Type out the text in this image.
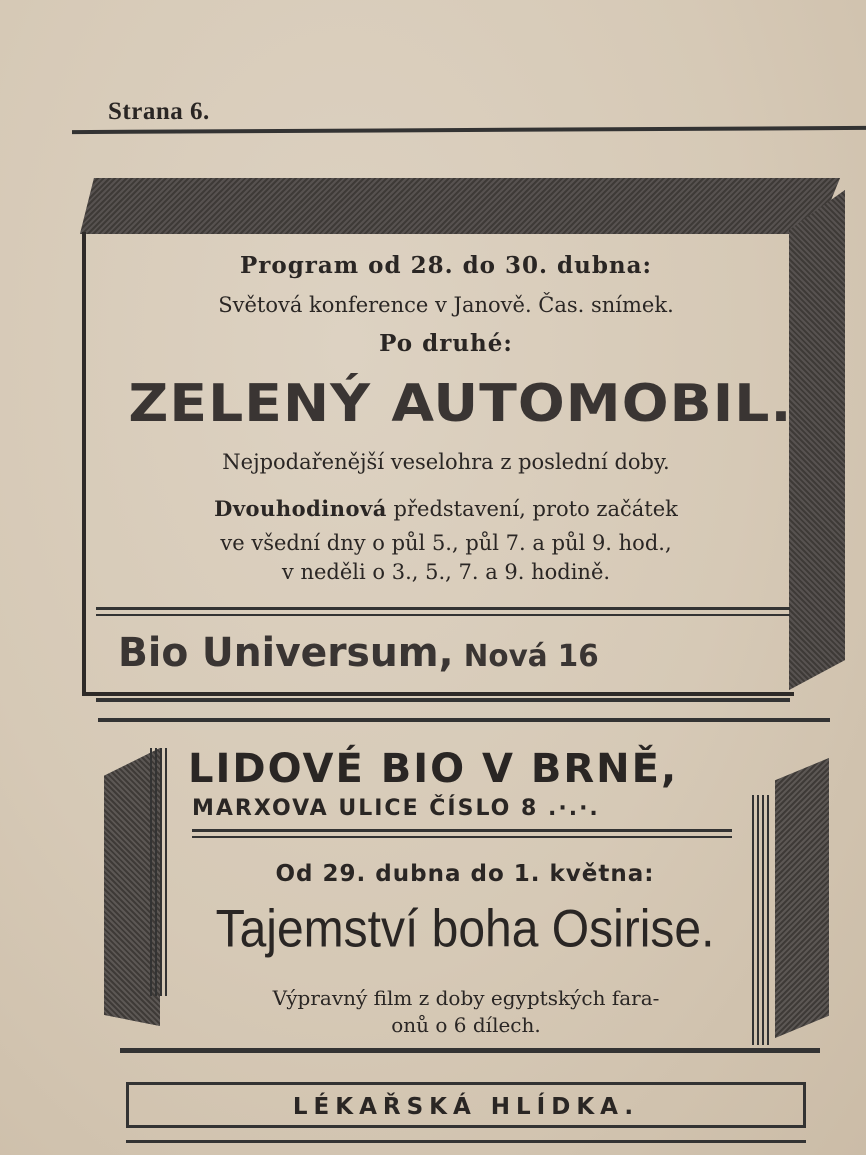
Strana 6.
Program od 28. do 30. dubna:
Světová konference v Janově. Čas. snímek.
Po druhé:
ZELENÝ AUTOMOBIL.
Nejpodařenější veselohra z poslední doby.
Dvouhodinová představení, proto začátek
ve všední dny o půl 5., půl 7. a půl 9. hod.,
v neděli o 3., 5., 7. a 9. hodině.
Bio Universum, Nová 16
LIDOVÉ BIO V BRNĚ,
MARXOVA ULICE ČÍSLO 8 .·.·.
Od 29. dubna do 1. května:
Tajemství boha Osirise.
Výpravný film z doby egyptských fara-
onů o 6 dílech.
LÉKAŘSKÁ HLÍDKA.
